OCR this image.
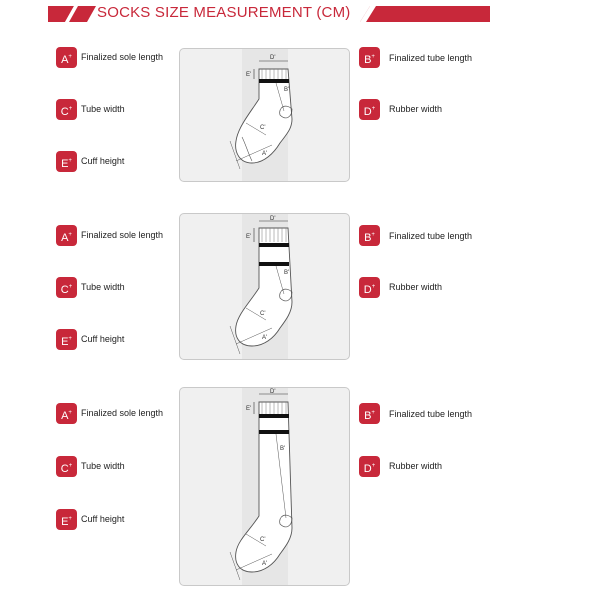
SOCKS SIZE MEASUREMENT (CM)
A+	Finalized sole length
C+ Tube width
E+	Cuff height
B+	Finalized tube length
D+	Rubber width
D'
E'
B'
C'
A'
A+	Finalized sole length
C+ Tube width
E+	Cuff height
B+	Finalized tube length
D+	Rubber width
D'
E'
B'
C'
A'
A+	Finalized sole length
C+ Tube width
E+	Cuff height
B+	Finalized tube length
D+	Rubber width
D'
E'
B'
C'
A'
